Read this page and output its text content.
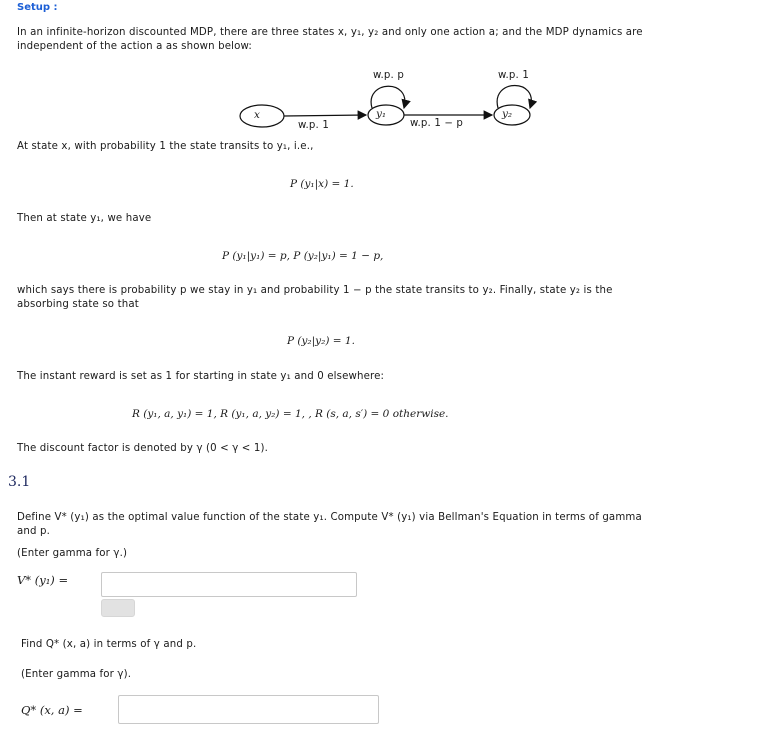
Setup :
In an infinite-horizon discounted MDP, there are three states x, y₁, y₂ and only one action a; and the MDP dynamics are
independent of the action a as shown below:
x	y₁	y₂
w.p. p	w.p. 1
w.p. 1	w.p. 1 − p
At state x, with probability 1 the state transits to y₁, i.e.,
P (y₁|x) = 1.
Then at state y₁, we have
P (y₁|y₁) = p, P (y₂|y₁) = 1 − p,
which says there is probability p we stay in y₁ and probability 1 − p the state transits to y₂. Finally, state y₂ is the
absorbing state so that
P (y₂|y₂) = 1.
The instant reward is set as 1 for starting in state y₁ and 0 elsewhere:
R (y₁, a, y₁) = 1, R (y₁, a, y₂) = 1, , R (s, a, s′) = 0 otherwise.
The discount factor is denoted by γ (0 < γ < 1).
3.1
Define V* (y₁) as the optimal value function of the state y₁. Compute V* (y₁) via Bellman's Equation in terms of gamma
and p.
(Enter gamma for γ.)
V* (y₁) =
Find Q* (x, a) in terms of γ and p.
(Enter gamma for γ).
Q* (x, a) =
